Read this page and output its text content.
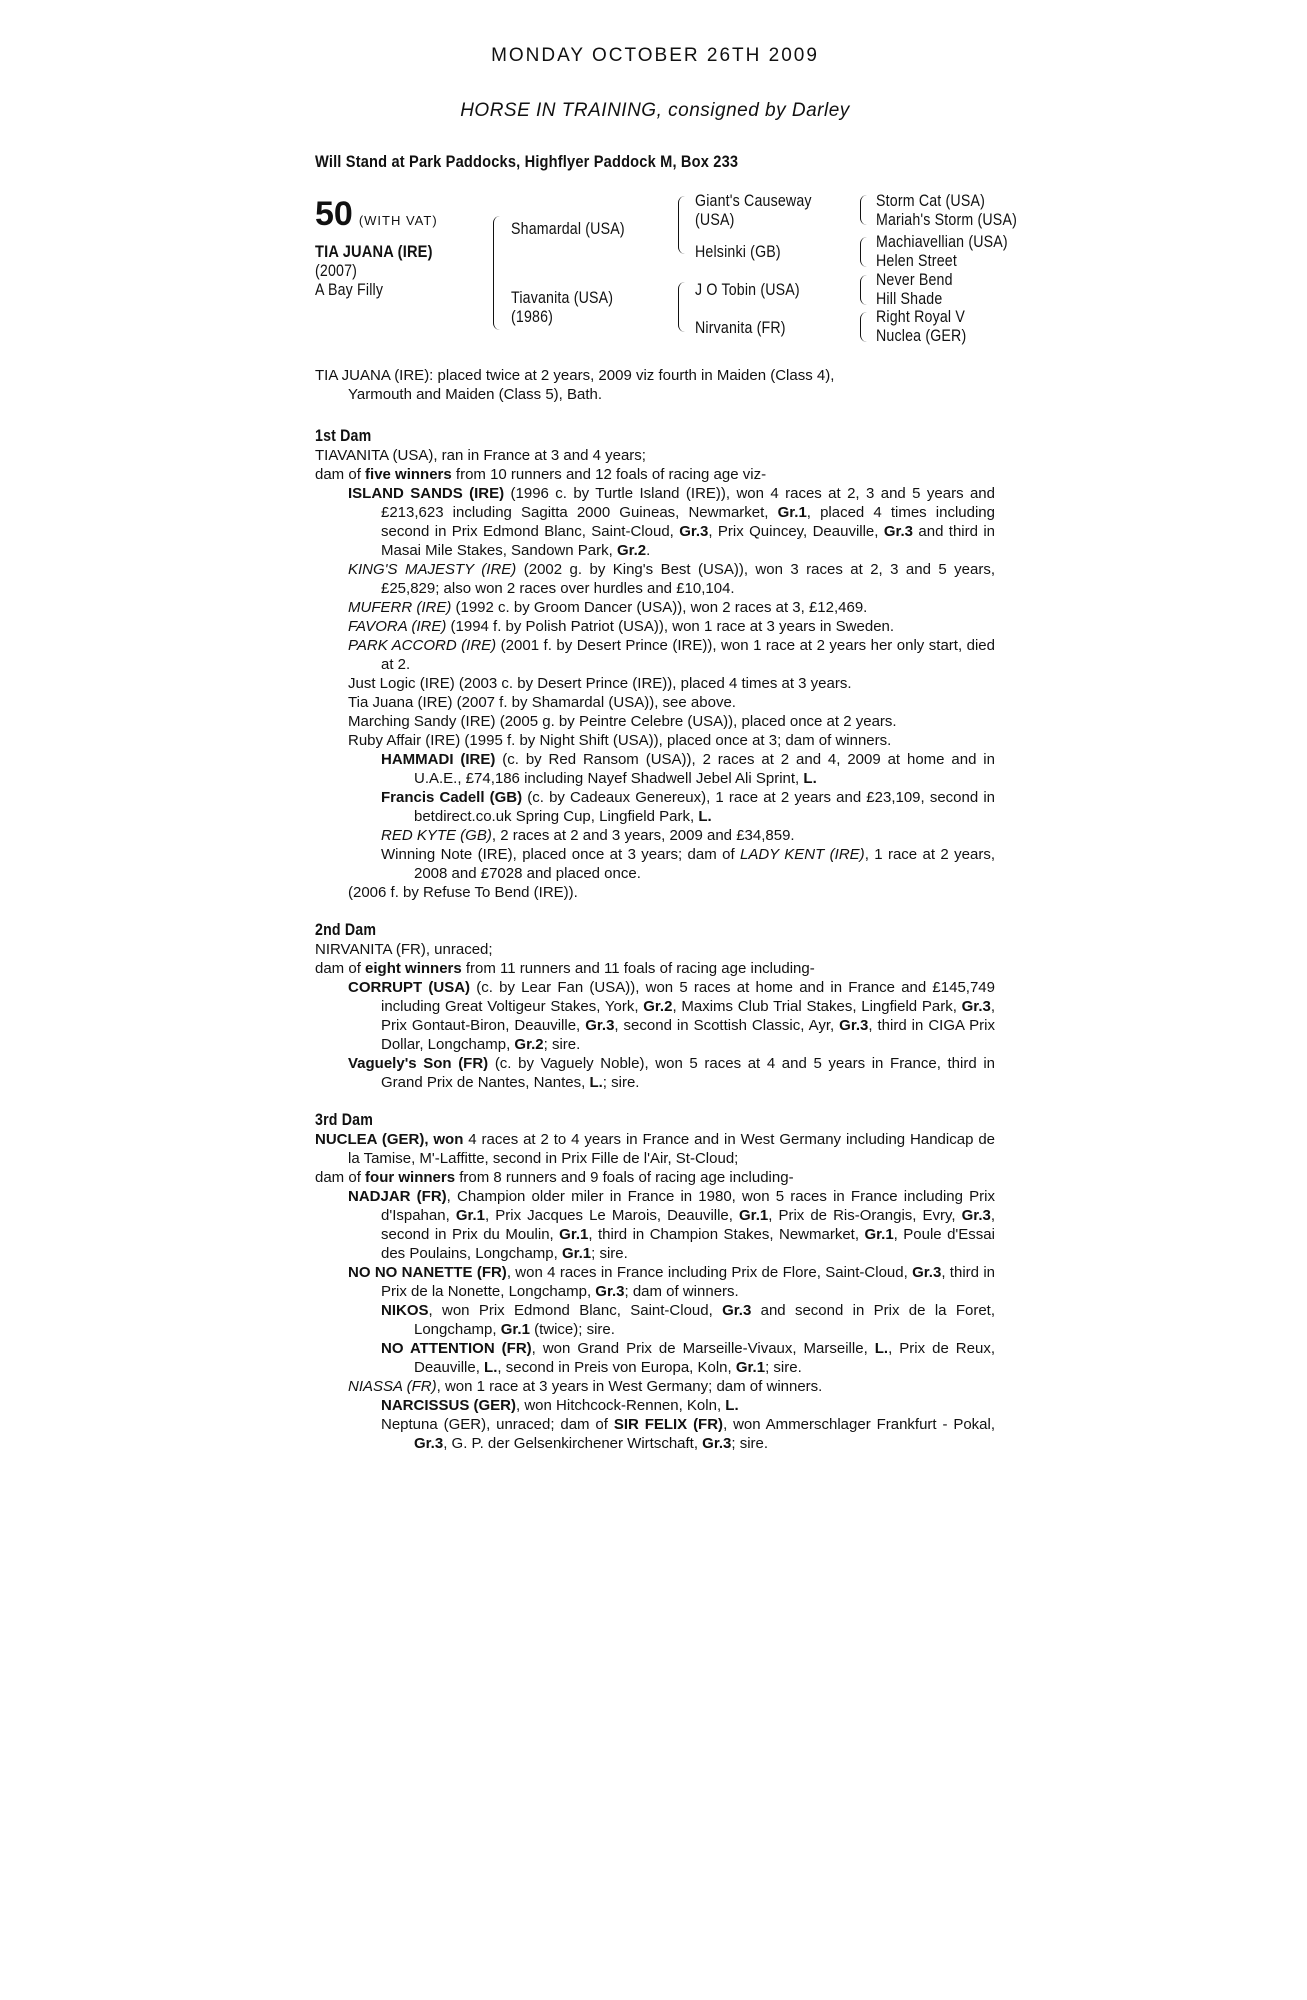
MONDAY OCTOBER 26TH 2009
HORSE IN TRAINING, consigned by Darley
Will Stand at Park Paddocks, Highflyer Paddock M, Box 233
50 (WITH VAT)
TIA JUANA (IRE)
(2007)
A Bay Filly
Shamardal (USA)
Tiavanita (USA)
(1986)
Giant's Causeway
(USA)
Helsinki (GB)
J O Tobin (USA)
Nirvanita (FR)
Storm Cat (USA)
Mariah's Storm (USA)
Machiavellian (USA)
Helen Street
Never Bend
Hill Shade
Right Royal V
Nuclea (GER)
TIA JUANA (IRE): placed twice at 2 years, 2009 viz fourth in Maiden (Class 4),
Yarmouth and Maiden (Class 5), Bath.
1st Dam
TIAVANITA (USA), ran in France at 3 and 4 years;
dam of five winners from 10 runners and 12 foals of racing age viz-
ISLAND SANDS (IRE) (1996 c. by Turtle Island (IRE)), won 4 races at 2, 3 and 5 years and £213,623 including Sagitta 2000 Guineas, Newmarket, Gr.1, placed 4 times including second in Prix Edmond Blanc, Saint-Cloud, Gr.3, Prix Quincey, Deauville, Gr.3 and third in Masai Mile Stakes, Sandown Park, Gr.2.
KING'S MAJESTY (IRE) (2002 g. by King's Best (USA)), won 3 races at 2, 3 and 5 years, £25,829; also won 2 races over hurdles and £10,104.
MUFERR (IRE) (1992 c. by Groom Dancer (USA)), won 2 races at 3, £12,469.
FAVORA (IRE) (1994 f. by Polish Patriot (USA)), won 1 race at 3 years in Sweden.
PARK ACCORD (IRE) (2001 f. by Desert Prince (IRE)), won 1 race at 2 years her only start, died at 2.
Just Logic (IRE) (2003 c. by Desert Prince (IRE)), placed 4 times at 3 years.
Tia Juana (IRE) (2007 f. by Shamardal (USA)), see above.
Marching Sandy (IRE) (2005 g. by Peintre Celebre (USA)), placed once at 2 years.
Ruby Affair (IRE) (1995 f. by Night Shift (USA)), placed once at 3; dam of winners.
HAMMADI (IRE) (c. by Red Ransom (USA)), 2 races at 2 and 4, 2009 at home and in U.A.E., £74,186 including Nayef Shadwell Jebel Ali Sprint, L.
Francis Cadell (GB) (c. by Cadeaux Genereux), 1 race at 2 years and £23,109, second in betdirect.co.uk Spring Cup, Lingfield Park, L.
RED KYTE (GB), 2 races at 2 and 3 years, 2009 and £34,859.
Winning Note (IRE), placed once at 3 years; dam of LADY KENT (IRE), 1 race at 2 years, 2008 and £7028 and placed once.
(2006 f. by Refuse To Bend (IRE)).
2nd Dam
NIRVANITA (FR), unraced;
dam of eight winners from 11 runners and 11 foals of racing age including-
CORRUPT (USA) (c. by Lear Fan (USA)), won 5 races at home and in France and £145,749 including Great Voltigeur Stakes, York, Gr.2, Maxims Club Trial Stakes, Lingfield Park, Gr.3, Prix Gontaut-Biron, Deauville, Gr.3, second in Scottish Classic, Ayr, Gr.3, third in CIGA Prix Dollar, Longchamp, Gr.2; sire.
Vaguely's Son (FR) (c. by Vaguely Noble), won 5 races at 4 and 5 years in France, third in Grand Prix de Nantes, Nantes, L.; sire.
3rd Dam
NUCLEA (GER), won 4 races at 2 to 4 years in France and in West Germany including Handicap de la Tamise, M'-Laffitte, second in Prix Fille de l'Air, St-Cloud;
dam of four winners from 8 runners and 9 foals of racing age including-
NADJAR (FR), Champion older miler in France in 1980, won 5 races in France including Prix d'Ispahan, Gr.1, Prix Jacques Le Marois, Deauville, Gr.1, Prix de Ris-Orangis, Evry, Gr.3, second in Prix du Moulin, Gr.1, third in Champion Stakes, Newmarket, Gr.1, Poule d'Essai des Poulains, Longchamp, Gr.1; sire.
NO NO NANETTE (FR), won 4 races in France including Prix de Flore, Saint-Cloud, Gr.3, third in Prix de la Nonette, Longchamp, Gr.3; dam of winners.
NIKOS, won Prix Edmond Blanc, Saint-Cloud, Gr.3 and second in Prix de la Foret, Longchamp, Gr.1 (twice); sire.
NO ATTENTION (FR), won Grand Prix de Marseille-Vivaux, Marseille, L., Prix de Reux, Deauville, L., second in Preis von Europa, Koln, Gr.1; sire.
NIASSA (FR), won 1 race at 3 years in West Germany; dam of winners.
NARCISSUS (GER), won Hitchcock-Rennen, Koln, L.
Neptuna (GER), unraced; dam of SIR FELIX (FR), won Ammerschlager Frankfurt - Pokal, Gr.3, G. P. der Gelsenkirchener Wirtschaft, Gr.3; sire.
